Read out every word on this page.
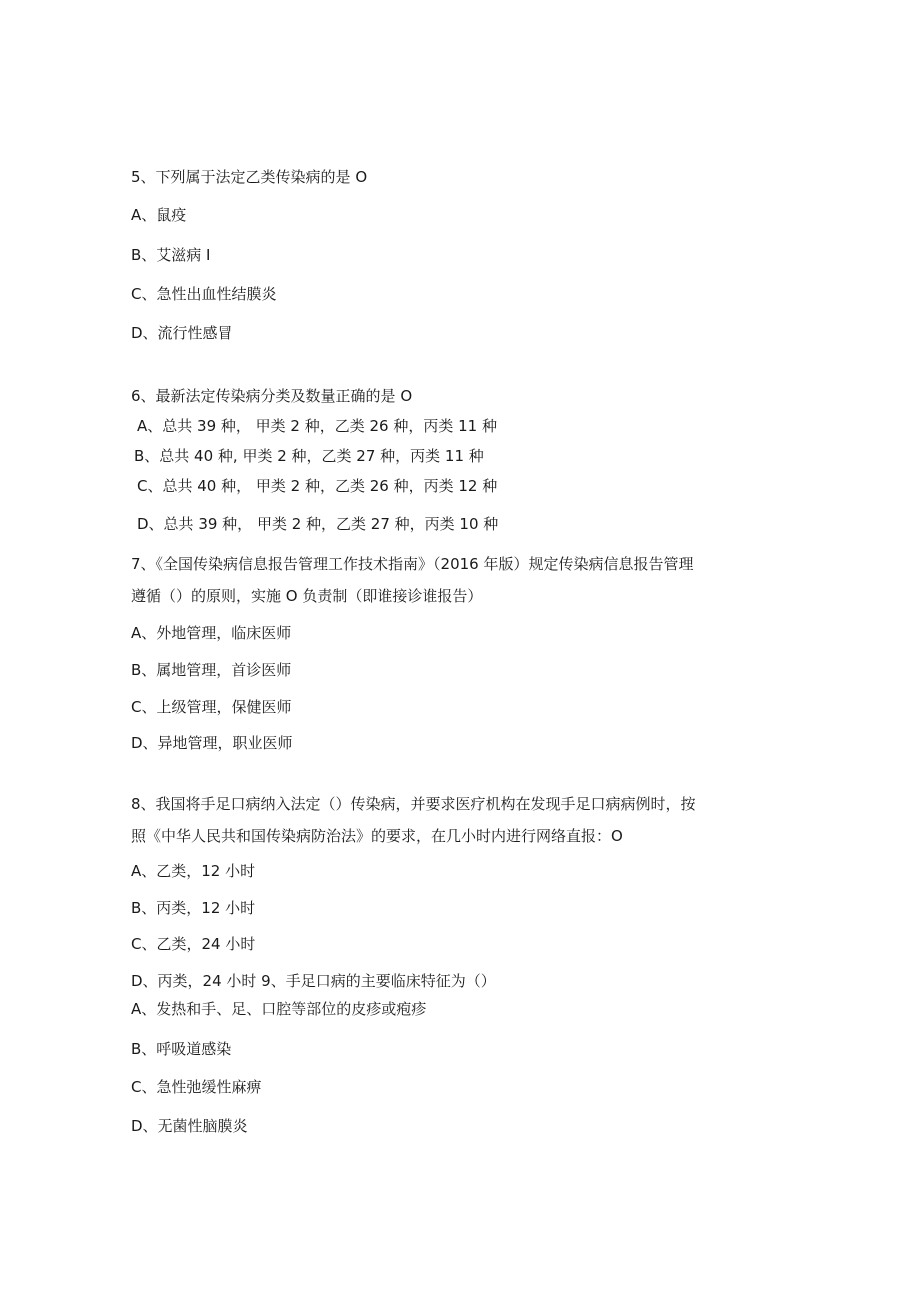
5、下列属于法定乙类传染病的是 O
A、鼠疫
B、艾滋病 I
C、急性出血性结膜炎
D、流行性感冒
6、最新法定传染病分类及数量正确的是 O
A、总共 39 种， 甲类 2 种，乙类 26 种，丙类 11 种
B、总共 40 种, 甲类 2 种，乙类 27 种，丙类 11 种
C、总共 40 种， 甲类 2 种，乙类 26 种，丙类 12 种
D、总共 39 种， 甲类 2 种，乙类 27 种，丙类 10 种
7、《全国传染病信息报告管理工作技术指南》（2016 年版）规定传染病信息报告管理
遵循（）的原则，实施 O 负责制（即谁接诊谁报告）
A、外地管理，临床医师
B、属地管理，首诊医师
C、上级管理，保健医师
D、异地管理，职业医师
8、我国将手足口病纳入法定（）传染病，并要求医疗机构在发现手足口病病例时，按
照《中华人民共和国传染病防治法》的要求，在几小时内进行网络直报：O
A、乙类，12 小时
B、丙类，12 小时
C、乙类，24 小时
D、丙类，24 小时 9、手足口病的主要临床特征为（）
A、发热和手、足、口腔等部位的皮疹或疱疹
B、呼吸道感染
C、急性弛缓性麻痹
D、无菌性脑膜炎
